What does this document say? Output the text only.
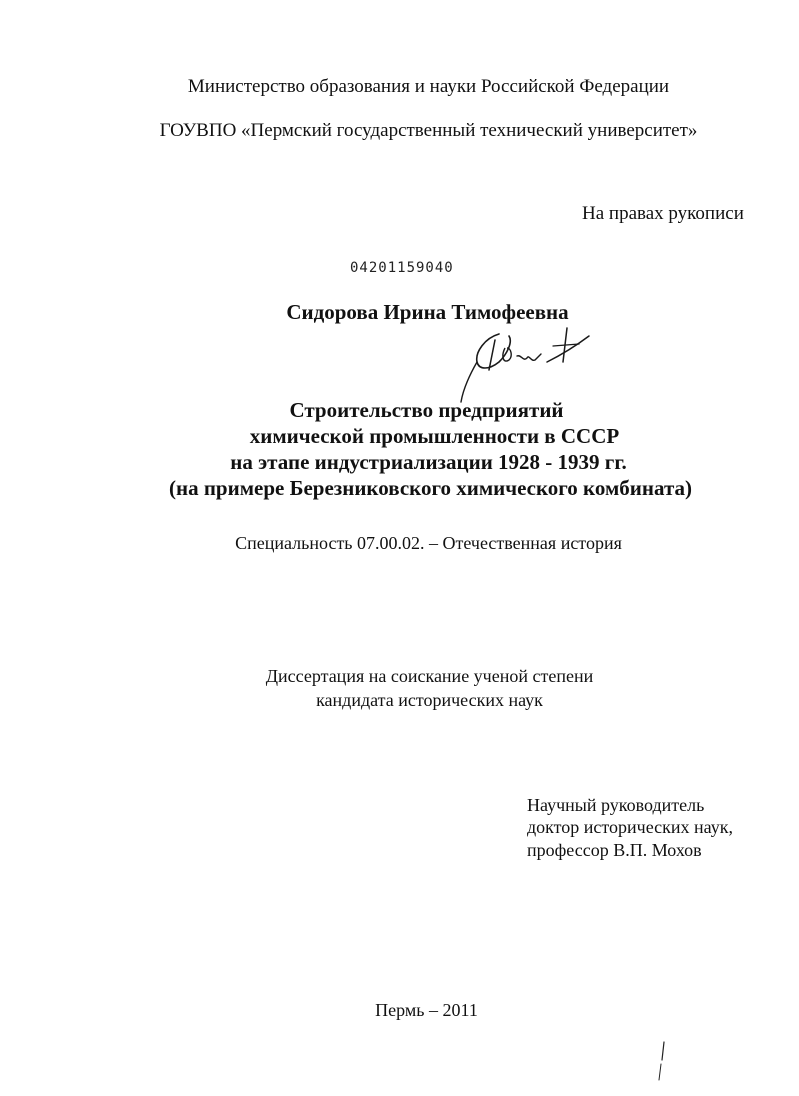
Министерство образования и науки Российской Федерации
ГОУВПО «Пермский государственный технический университет»
На правах рукописи
04201159040
Сидорова Ирина Тимофеевна
Строительство предприятий
химической промышленности в СССР
на этапе индустриализации 1928 - 1939 гг.
(на примере Березниковского химического комбината)
Специальность 07.00.02. – Отечественная история
Диссертация на соискание ученой степени
кандидата исторических наук
Научный руководитель
доктор исторических наук,
профессор В.П. Мохов
Пермь – 2011
